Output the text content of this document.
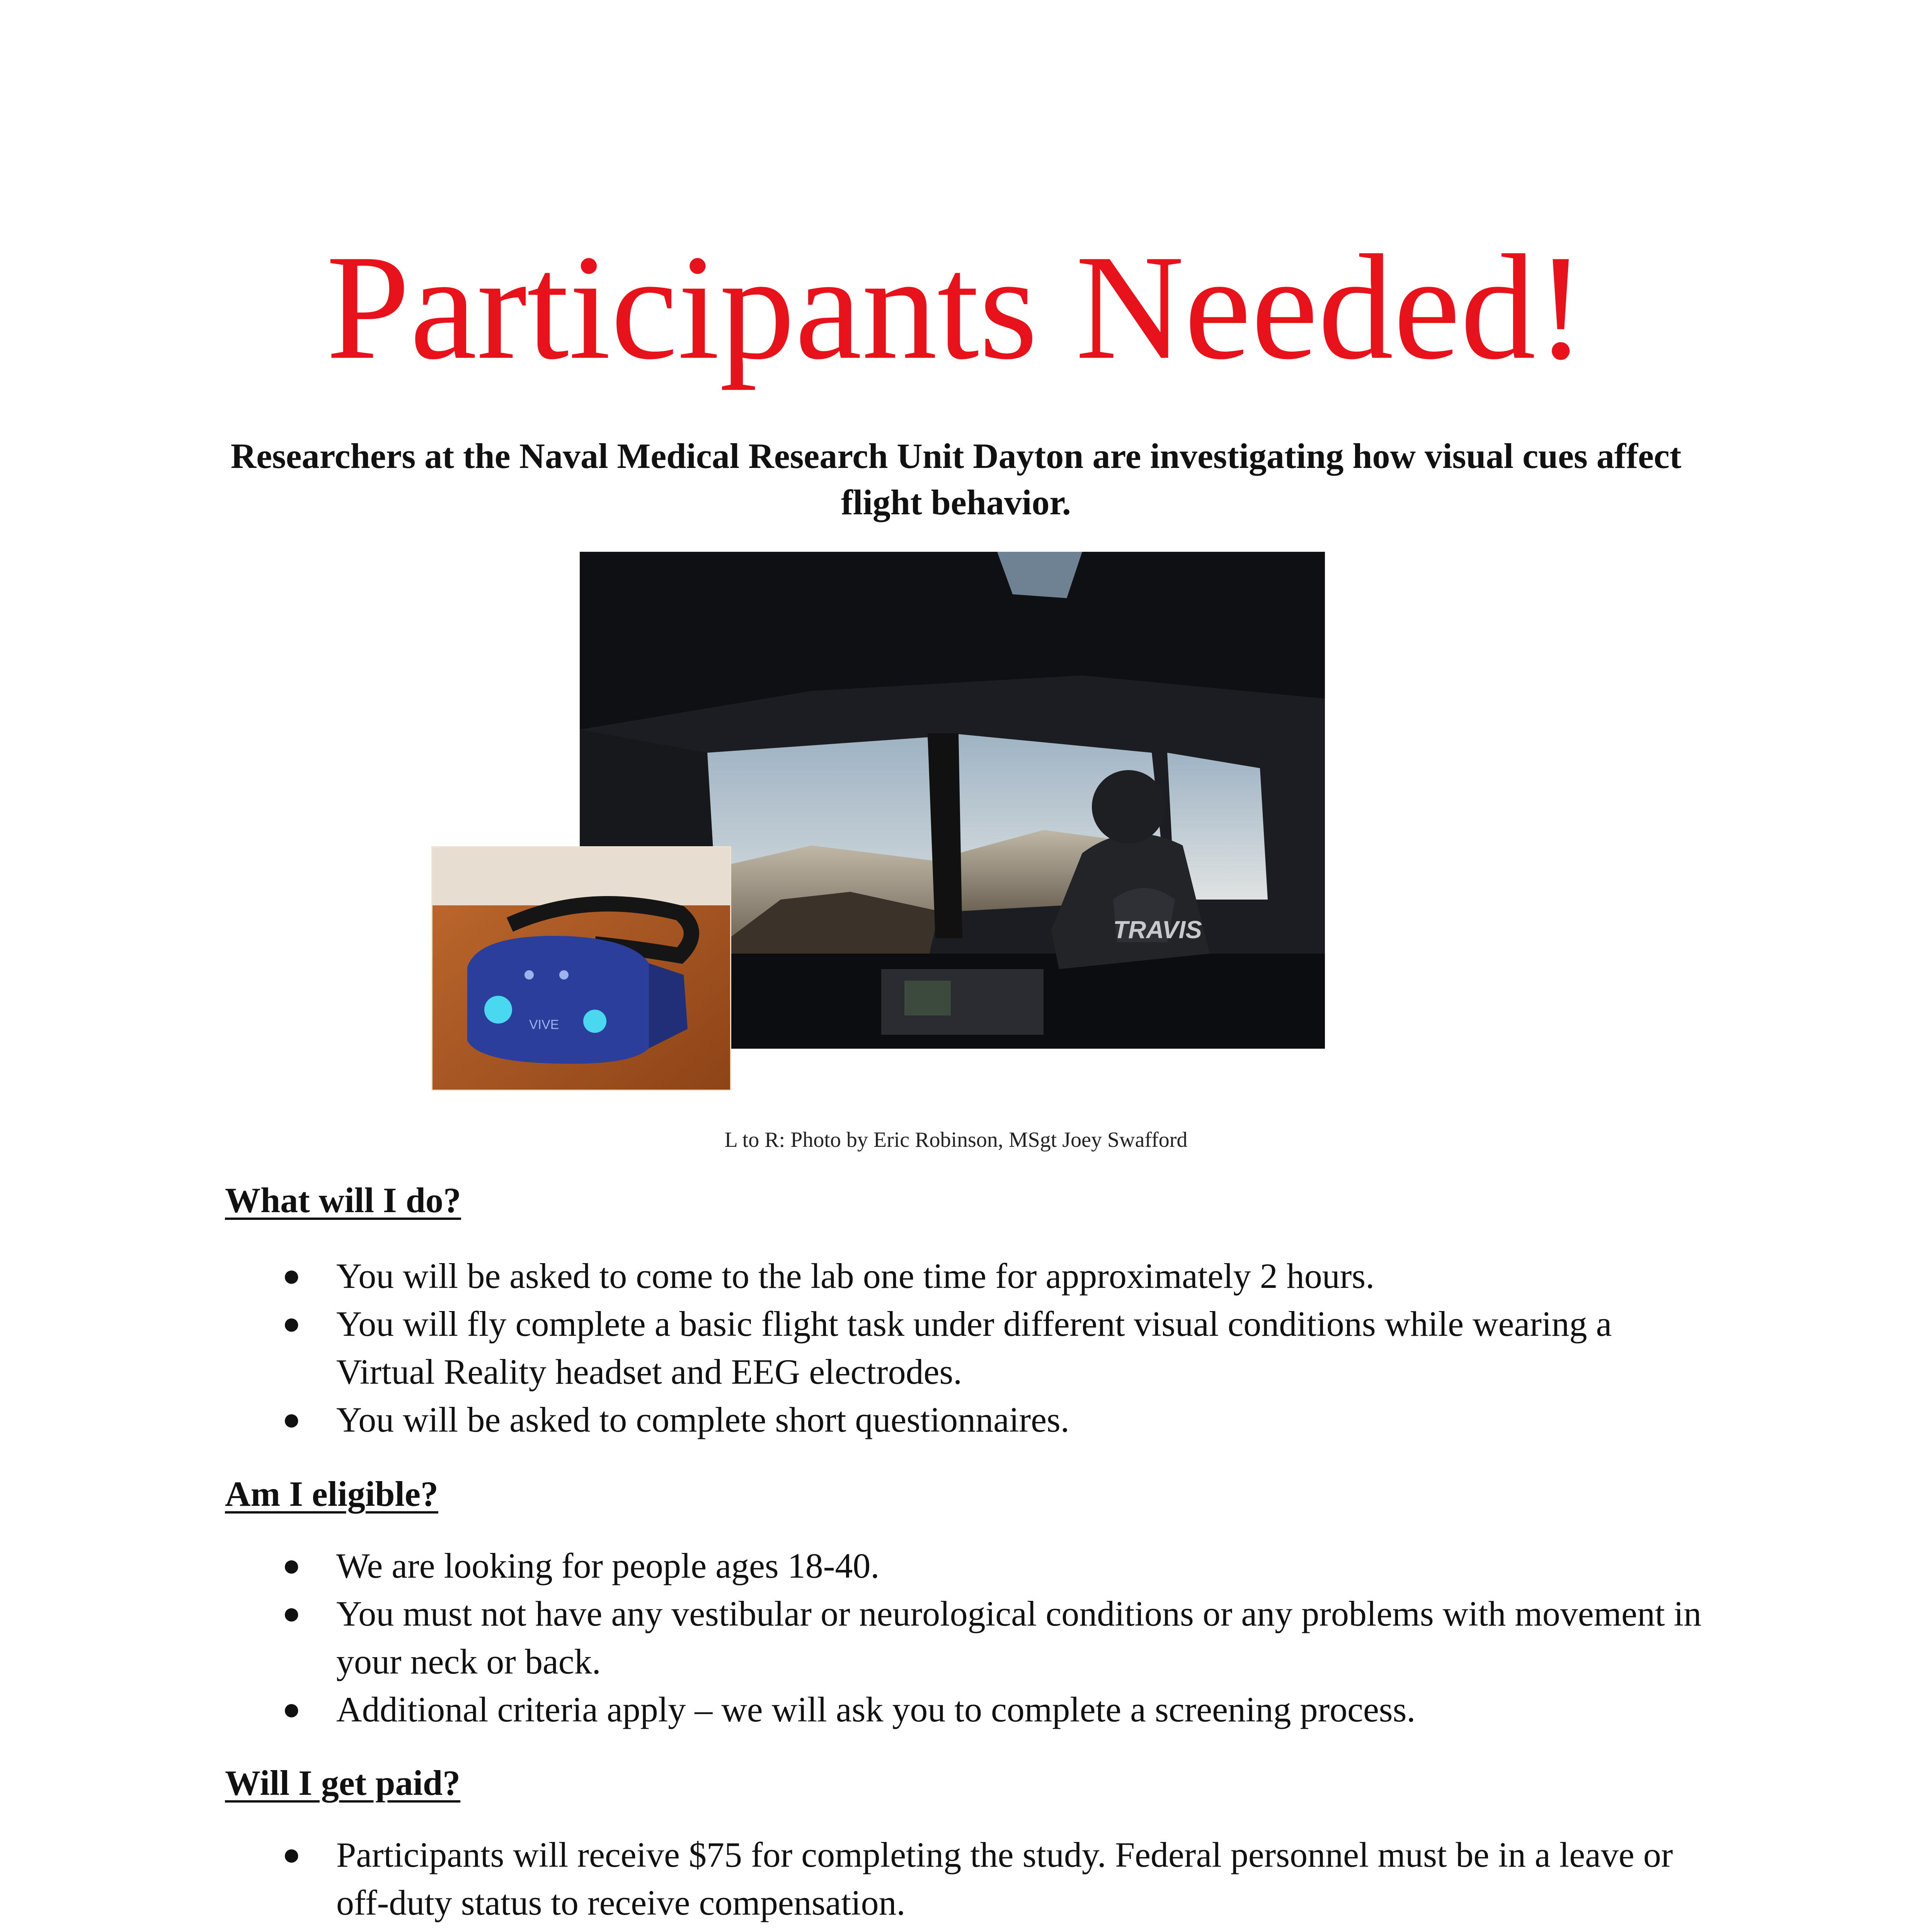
Participants Needed!
Researchers at the Naval Medical Research Unit Dayton are investigating how visual cues affect flight behavior.
TRAVIS
VIVE
L to R: Photo by Eric Robinson, MSgt Joey Swafford
What will I do?
● You will be asked to come to the lab one time for approximately 2 hours.
● You will fly complete a basic flight task under different visual conditions while wearing a Virtual Reality headset and EEG electrodes.
● You will be asked to complete short questionnaires.
Am I eligible?
● We are looking for people ages 18-40.
● You must not have any vestibular or neurological conditions or any problems with movement in your neck or back.
● Additional criteria apply – we will ask you to complete a screening process.
Will I get paid?
● Participants will receive $75 for completing the study. Federal personnel must be in a leave or off-duty status to receive compensation.
